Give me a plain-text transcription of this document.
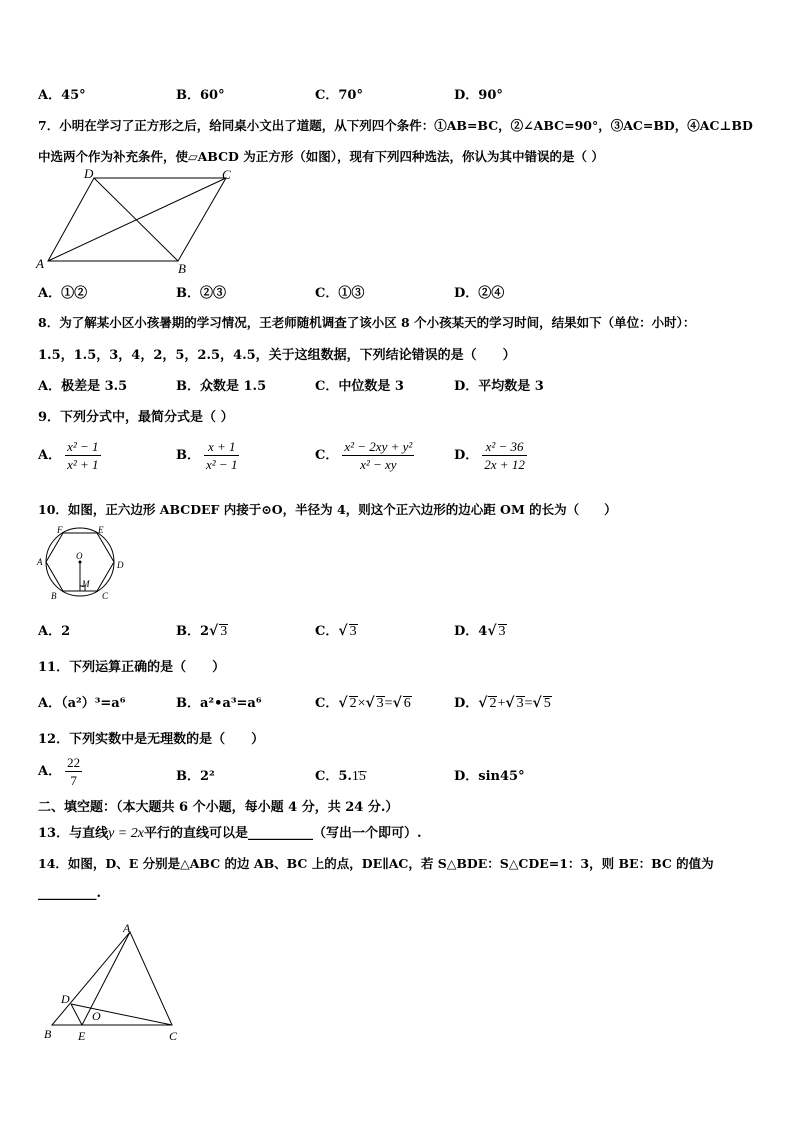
A．45°	B．60°	C．70°	D．90°
7．小明在学习了正方形之后，给同桌小文出了道题，从下列四个条件：①AB=BC，②∠ABC=90°，③AC=BD，④AC⊥BD
中选两个作为补充条件，使▱ABCD 为正方形（如图），现有下列四种选法，你认为其中错误的是（ ）
A	B
C
D
A．①②	B．②③	C．①③	D．②④
8．为了解某小区小孩暑期的学习情况，王老师随机调查了该小区 8 个小孩某天的学习时间，结果如下（单位：小时）：
1.5，1.5，3，4，2，5，2.5，4.5，关于这组数据，下列结论错误的是（　　）
A．极差是 3.5	B．众数是 1.5	C．中位数是 3	D．平均数是 3
9．下列分式中，最简分式是（ ）
A． $\frac{\text{x² − 1}}{\text{x² + 1}}$	B． $\frac{x + 1}{\text{x² − 1}}$	C． $\frac{\text{x² − 2xy + y²}}{\text{x² − xy}}$	D． $\frac{\text{x² − 36}}{2x + 12}$
10．如图，正六边形 ABCDEF 内接于⊙O，半径为 4，则这个正六边形的边心距 OM 的长为（　　）
A
B	C
D
E
F
O
M
A．2	B．2√ 3	C．√ 3	D．4√ 3
11．下列运算正确的是（　　）
A．（a²）³=a⁶	B．a²•a³=a⁶	C．√ 2×√ 3=√ 6	D．√ 2+√ 3=√ 5
12．下列实数中是无理数的是（　　）
A． $\frac{22}{7}$	B．2²	C．5.1̇5̇	D．sin45°
二、填空题：（本大题共 6 个小题，每小题 4 分，共 24 分.）
13．与直线y = 2x平行的直线可以是__________（写出一个即可）.
14．如图，D、E 分别是△ABC 的边 AB、BC 上的点，DE∥AC，若 S△BDE：S△CDE=1：3，则 BE：BC 的值为
_________.
A
B	C
D
E
O
